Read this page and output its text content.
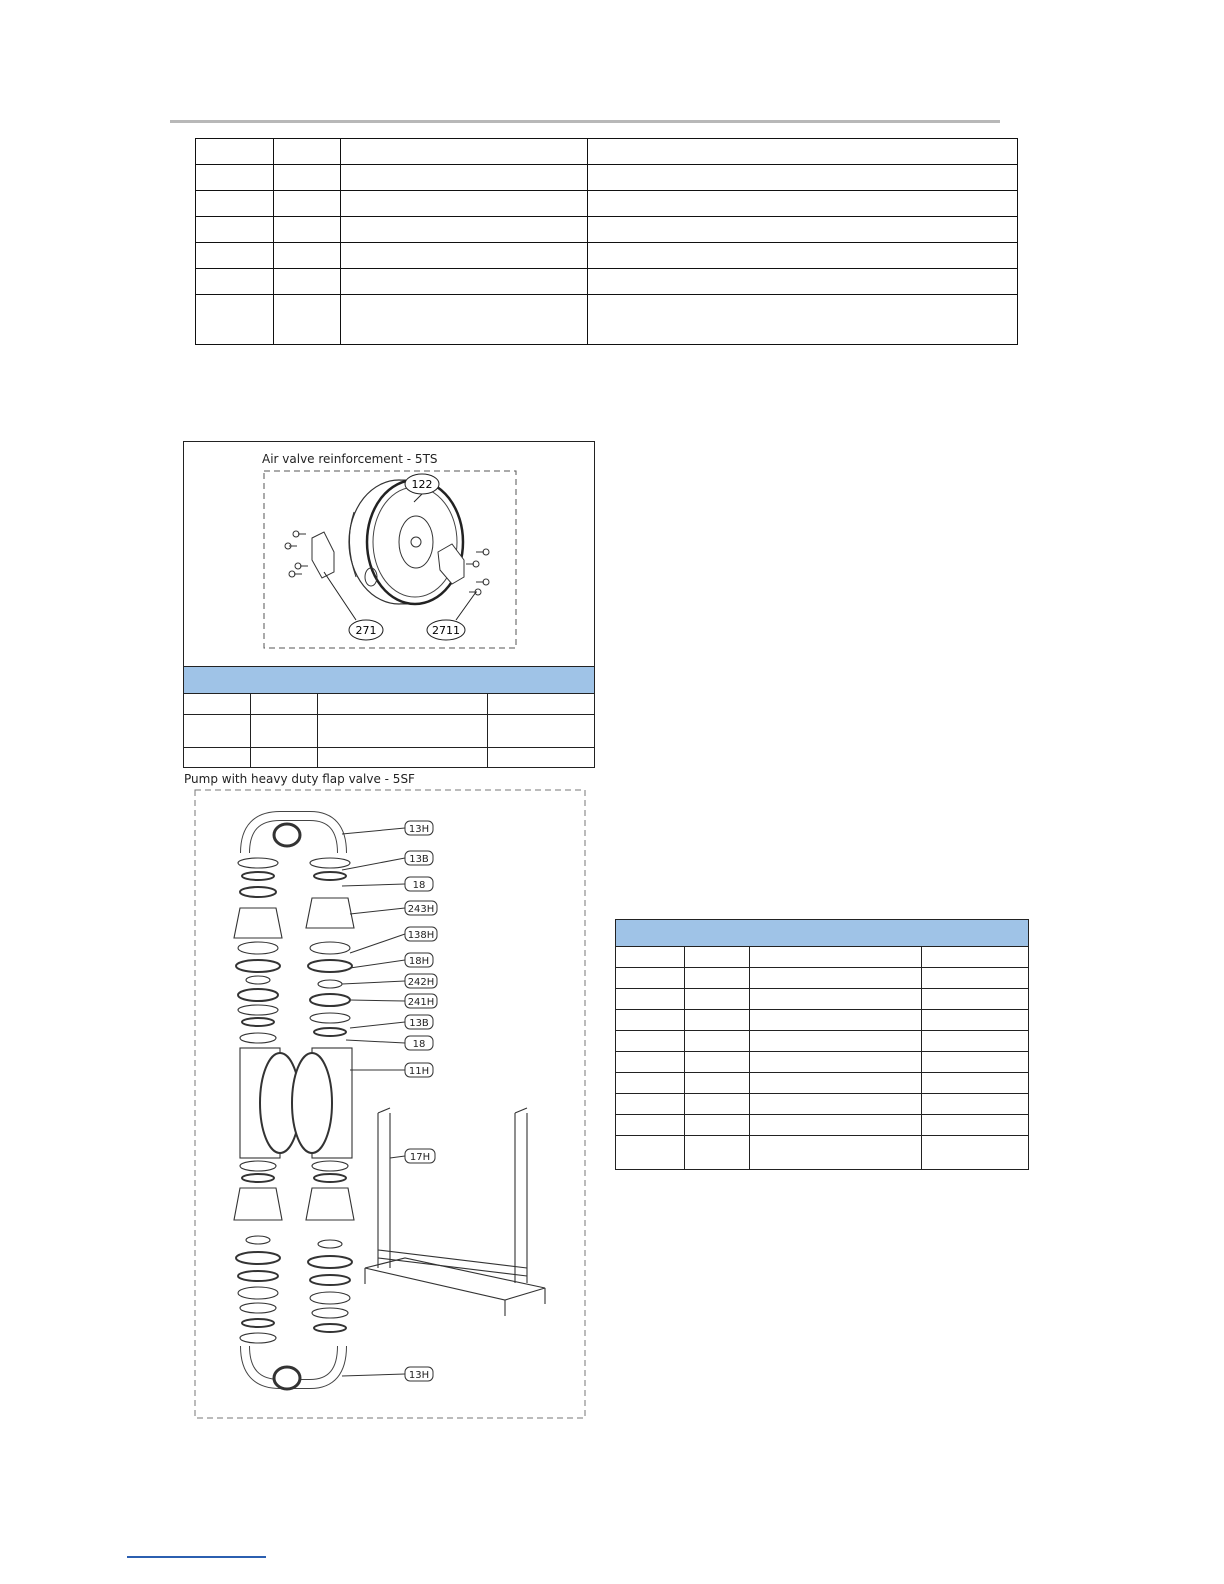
Air valve reinforcement - 5TS
122
271	2711

Pump with heavy duty flap valve - 5SF
13H
13B
18
243H
138H
18H
242H
241H
13B
18
11H
17H
13H
